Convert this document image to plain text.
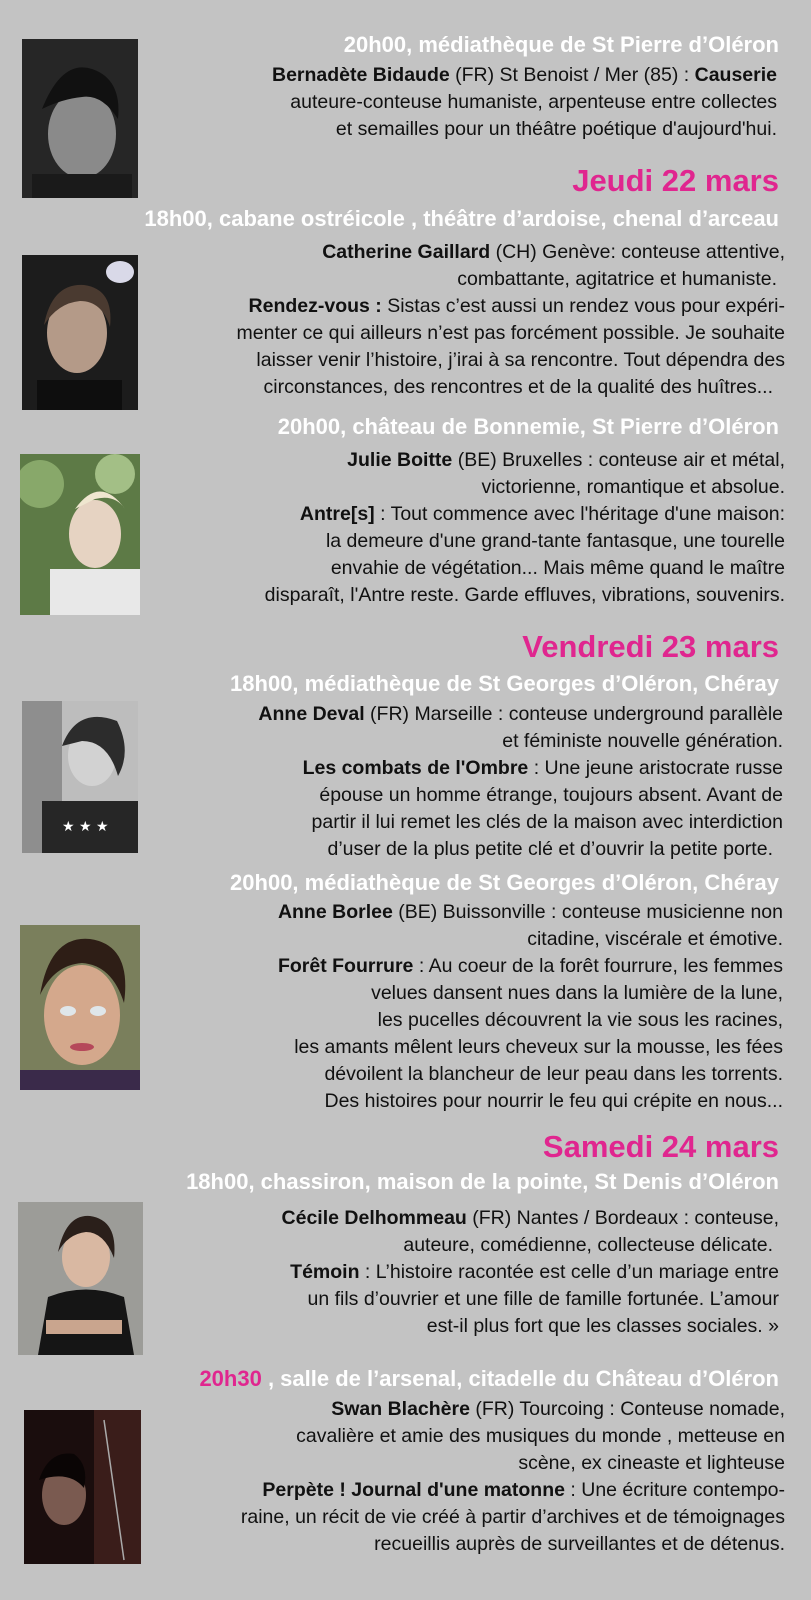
20h00, médiathèque de St Pierre d’Oléron
Bernadète Bidaude (FR) St Benoist / Mer (85) : Causerie
auteure-conteuse humaniste, arpenteuse entre collectes
et semailles pour un théâtre poétique d'aujourd'hui.
Jeudi 22 mars
18h00, cabane ostréicole , théâtre d’ardoise, chenal d’arceau
Catherine Gaillard (CH) Genève: conteuse attentive,
combattante, agitatrice et humaniste.
Rendez-vous : Sistas c’est aussi un rendez vous pour expéri-
menter ce qui ailleurs n’est pas forcément possible. Je souhaite
laisser venir l’histoire, j’irai à sa rencontre. Tout dépendra des
circonstances, des rencontres et de la qualité des huîtres...
20h00, château de Bonnemie, St Pierre d’Oléron
Julie Boitte (BE) Bruxelles : conteuse air et métal,
victorienne, romantique et absolue.
Antre[s] : Tout commence avec l'héritage d'une maison:
la demeure d'une grand-tante fantasque, une tourelle
envahie de végétation... Mais même quand le maître
disparaît, l'Antre reste. Garde effluves, vibrations, souvenirs.
Vendredi 23 mars
18h00, médiathèque de St Georges d’Oléron, Chéray
★ ★ ★
Anne Deval (FR) Marseille : conteuse underground parallèle
et féministe nouvelle génération.
Les combats de l'Ombre : Une jeune aristocrate russe
épouse un homme étrange, toujours absent. Avant de
partir il lui remet les clés de la maison avec interdiction
d’user de la plus petite clé et d’ouvrir la petite porte.
20h00, médiathèque de St Georges d’Oléron, Chéray
Anne Borlee (BE) Buissonville : conteuse musicienne non
citadine, viscérale et émotive.
Forêt Fourrure : Au coeur de la forêt fourrure, les femmes
velues dansent nues dans la lumière de la lune,
les pucelles découvrent la vie sous les racines,
les amants mêlent leurs cheveux sur la mousse, les fées
dévoilent la blancheur de leur peau dans les torrents.
Des histoires pour nourrir le feu qui crépite en nous...
Samedi 24 mars
18h00, chassiron, maison de la pointe, St Denis d’Oléron
Cécile Delhommeau (FR) Nantes / Bordeaux : conteuse,
auteure, comédienne, collecteuse délicate.
Témoin : L’histoire racontée est celle d’un mariage entre
un fils d’ouvrier et une fille de famille fortunée. L’amour
est-il plus fort que les classes sociales. »
20h30 , salle de l’arsenal, citadelle du Château d’Oléron
Swan Blachère (FR) Tourcoing : Conteuse nomade,
cavalière et amie des musiques du monde , metteuse en
scène, ex cineaste et lighteuse
Perpète ! Journal d'une matonne : Une écriture contempo-
raine, un récit de vie créé à partir d’archives et de témoignages
recueillis auprès de surveillantes et de détenus.
